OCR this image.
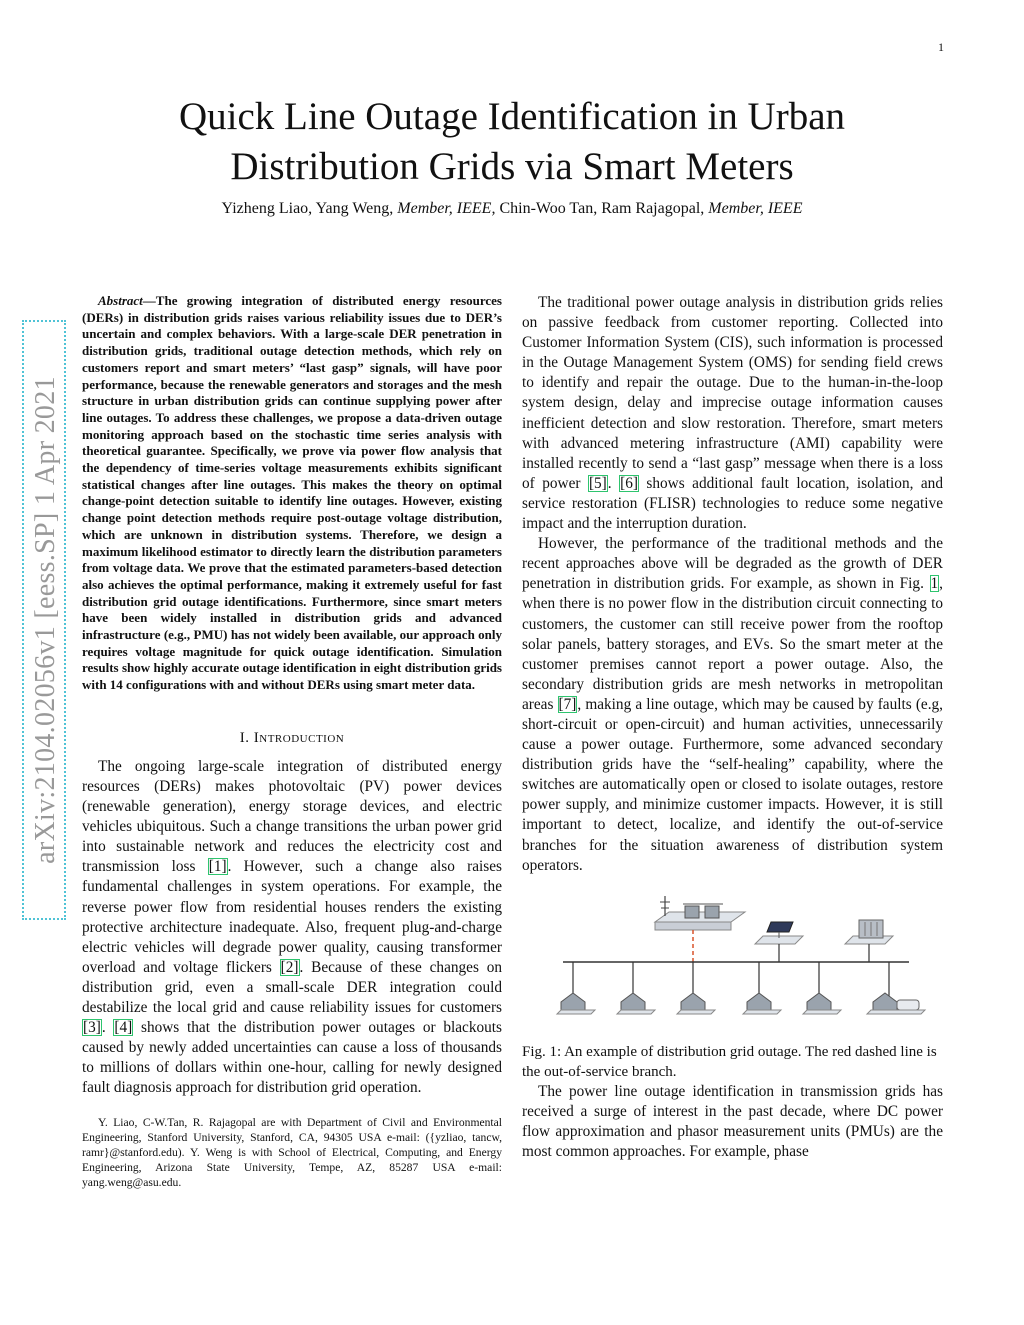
1
arXiv:2104.02056v1 [eess.SP] 1 Apr 2021
Quick Line Outage Identification in Urban
Distribution Grids via Smart Meters
Yizheng Liao, Yang Weng, Member, IEEE, Chin-Woo Tan, Ram Rajagopal, Member, IEEE

Abstract—The growing integration of distributed energy resources (DERs) in distribution grids raises various reliability issues due to DER’s uncertain and complex behaviors. With a large-scale DER penetration in distribution grids, traditional outage detection methods, which rely on customers report and smart meters’ “last gasp” signals, will have poor performance, because the renewable generators and storages and the mesh structure in urban distribution grids can continue supplying power after line outages. To address these challenges, we propose a data-driven outage monitoring approach based on the stochastic time series analysis with theoretical guarantee. Specifically, we prove via power flow analysis that the dependency of time-series voltage measurements exhibits significant statistical changes after line outages. This makes the theory on optimal change-point detection suitable to identify line outages. However, existing change point detection methods require post-outage voltage distribution, which are unknown in distribution systems. Therefore, we design a maximum likelihood estimator to directly learn the distribution parameters from voltage data. We prove that the estimated parameters-based detection also achieves the optimal performance, making it extremely useful for fast distribution grid outage identifications. Furthermore, since smart meters have been widely installed in distribution grids and advanced infrastructure (e.g., PMU) has not widely been available, our approach only requires voltage magnitude for quick outage identification. Simulation results show highly accurate outage identification in eight distribution grids with 14 configurations with and without DERs using smart meter data.

I. Introduction

The ongoing large-scale integration of distributed energy resources (DERs) makes photovoltaic (PV) power devices (renewable generation), energy storage devices, and electric vehicles ubiquitous. Such a change transitions the urban power grid into sustainable network and reduces the electricity cost and transmission loss [1]. However, such a change also raises fundamental challenges in system operations. For example, the reverse power flow from residential houses renders the existing protective architecture inadequate. Also, frequent plug-and-charge electric vehicles will degrade power quality, causing transformer overload and voltage flickers [2]. Because of these changes on distribution grid, even a small-scale DER integration could destabilize the local grid and cause reliability issues for customers [3]. [4] shows that the distribution power outages or blackouts caused by newly added uncertainties can cause a loss of thousands to millions of dollars within one-hour, calling for newly designed fault diagnosis approach for distribution grid operation.

Y. Liao, C-W.Tan, R. Rajagopal are with Department of Civil and Environmental Engineering, Stanford University, Stanford, CA, 94305 USA e-mail: ({yzliao, tancw, ramr}@stanford.edu). Y. Weng is with School of Electrical, Computing, and Energy Engineering, Arizona State University, Tempe, AZ, 85287 USA e-mail: yang.weng@asu.edu.

The traditional power outage analysis in distribution grids relies on passive feedback from customer reporting. Collected into Customer Information System (CIS), such information is processed in the Outage Management System (OMS) for sending field crews to identify and repair the outage. Due to the human-in-the-loop system design, delay and imprecise outage information causes inefficient detection and slow restoration. Therefore, smart meters with advanced metering infrastructure (AMI) capability were installed recently to send a “last gasp” message when there is a loss of power [5]. [6] shows additional fault location, isolation, and service restoration (FLISR) technologies to reduce some negative impact and the interruption duration.

However, the performance of the traditional methods and the recent approaches above will be degraded as the growth of DER penetration in distribution grids. For example, as shown in Fig. 1, when there is no power flow in the distribution circuit connecting to customers, the customer can still receive power from the rooftop solar panels, battery storages, and EVs. So the smart meter at the customer premises cannot report a power outage. Also, the secondary distribution grids are mesh networks in metropolitan areas [7], making a line outage, which may be caused by faults (e.g, short-circuit or open-circuit) and human activities, unnecessarily cause a power outage. Furthermore, some advanced secondary distribution grids have the “self-healing” capability, where the switches are automatically open or closed to isolate outages, restore power supply, and minimize customer impacts. However, it is still important to detect, localize, and identify the out-of-service branches for the situation awareness of distribution system operators.

Fig. 1: An example of distribution grid outage. The red dashed line is the out-of-service branch.

The power line outage identification in transmission grids has received a surge of interest in the past decade, where DC power flow approximation and phasor measurement units (PMUs) are the most common approaches. For example, phase
